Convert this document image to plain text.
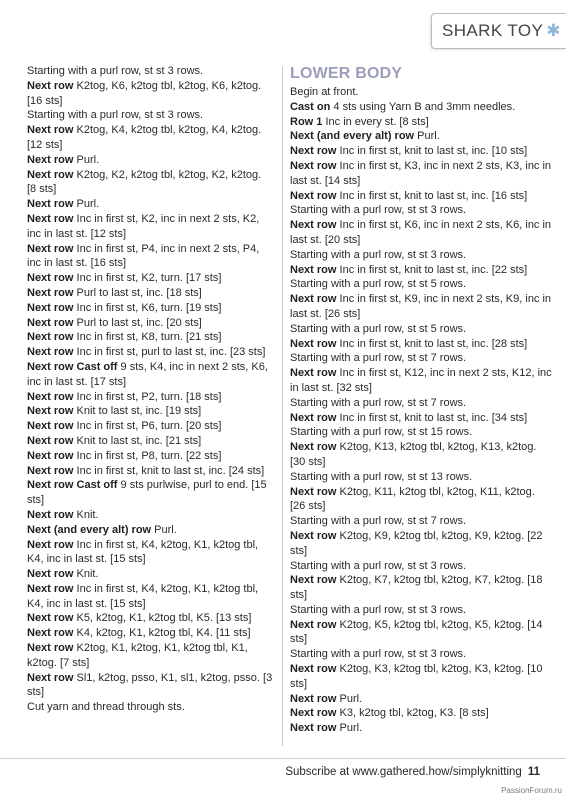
SHARK TOY ✱

Starting with a purl row, st st 3 rows.

Next row K2tog, K6, k2tog tbl, k2tog, K6, k2tog. [16 sts]

Starting with a purl row, st st 3 rows.

Next row K2tog, K4, k2tog tbl, k2tog, K4, k2tog. [12 sts]

Next row Purl.

Next row K2tog, K2, k2tog tbl, k2tog, K2, k2tog. [8 sts]

Next row Purl.

Next row Inc in first st, K2, inc in next 2 sts, K2, inc in last st. [12 sts]

Next row Inc in first st, P4, inc in next 2 sts, P4, inc in last st. [16 sts]

Next row Inc in first st, K2, turn. [17 sts]

Next row Purl to last st, inc. [18 sts]

Next row Inc in first st, K6, turn. [19 sts]

Next row Purl to last st, inc. [20 sts]

Next row Inc in first st, K8, turn. [21 sts]

Next row Inc in first st, purl to last st, inc. [23 sts]

Next row Cast off 9 sts, K4, inc in next 2 sts, K6, inc in last st. [17 sts]

Next row Inc in first st, P2, turn. [18 sts]

Next row Knit to last st, inc. [19 sts]

Next row Inc in first st, P6, turn. [20 sts]

Next row Knit to last st, inc. [21 sts]

Next row Inc in first st, P8, turn. [22 sts]

Next row Inc in first st, knit to last st, inc. [24 sts]

Next row Cast off 9 sts purlwise, purl to end. [15 sts]

Next row Knit.

Next (and every alt) row Purl.

Next row Inc in first st, K4, k2tog, K1, k2tog tbl, K4, inc in last st. [15 sts]

Next row Knit.

Next row Inc in first st, K4, k2tog, K1, k2tog tbl, K4, inc in last st. [15 sts]

Next row K5, k2tog, K1, k2tog tbl, K5. [13 sts]

Next row K4, k2tog, K1, k2tog tbl, K4. [11 sts]

Next row K2tog, K1, k2tog, K1, k2tog tbl, K1, k2tog. [7 sts]

Next row Sl1, k2tog, psso, K1, sl1, k2tog, psso. [3 sts]

Cut yarn and thread through sts.

LOWER BODY

Begin at front.

Cast on 4 sts using Yarn B and 3mm needles.

Row 1 Inc in every st. [8 sts]

Next (and every alt) row Purl.

Next row Inc in first st, knit to last st, inc. [10 sts]

Next row Inc in first st, K3, inc in next 2 sts, K3, inc in last st. [14 sts]

Next row Inc in first st, knit to last st, inc. [16 sts]

Starting with a purl row, st st 3 rows.

Next row Inc in first st, K6, inc in next 2 sts, K6, inc in last st. [20 sts]

Starting with a purl row, st st 3 rows.

Next row Inc in first st, knit to last st, inc. [22 sts]

Starting with a purl row, st st 5 rows.

Next row Inc in first st, K9, inc in next 2 sts, K9, inc in last st. [26 sts]

Starting with a purl row, st st 5 rows.

Next row Inc in first st, knit to last st, inc. [28 sts]

Starting with a purl row, st st 7 rows.

Next row Inc in first st, K12, inc in next 2 sts, K12, inc in last st. [32 sts]

Starting with a purl row, st st 7 rows.

Next row Inc in first st, knit to last st, inc. [34 sts]

Starting with a purl row, st st 15 rows.

Next row K2tog, K13, k2tog tbl, k2tog, K13, k2tog. [30 sts]

Starting with a purl row, st st 13 rows.

Next row K2tog, K11, k2tog tbl, k2tog, K11, k2tog. [26 sts]

Starting with a purl row, st st 7 rows.

Next row K2tog, K9, k2tog tbl, k2tog, K9, k2tog. [22 sts]

Starting with a purl row, st st 3 rows.

Next row K2tog, K7, k2tog tbl, k2tog, K7, k2tog. [18 sts]

Starting with a purl row, st st 3 rows.

Next row K2tog, K5, k2tog tbl, k2tog, K5, k2tog. [14 sts]

Starting with a purl row, st st 3 rows.

Next row K2tog, K3, k2tog tbl, k2tog, K3, k2tog. [10 sts]

Next row Purl.

Next row K3, k2tog tbl, k2tog, K3. [8 sts]

Next row Purl.

Subscribe at www.gathered.how/simplyknitting 11
PassionForum.ru
